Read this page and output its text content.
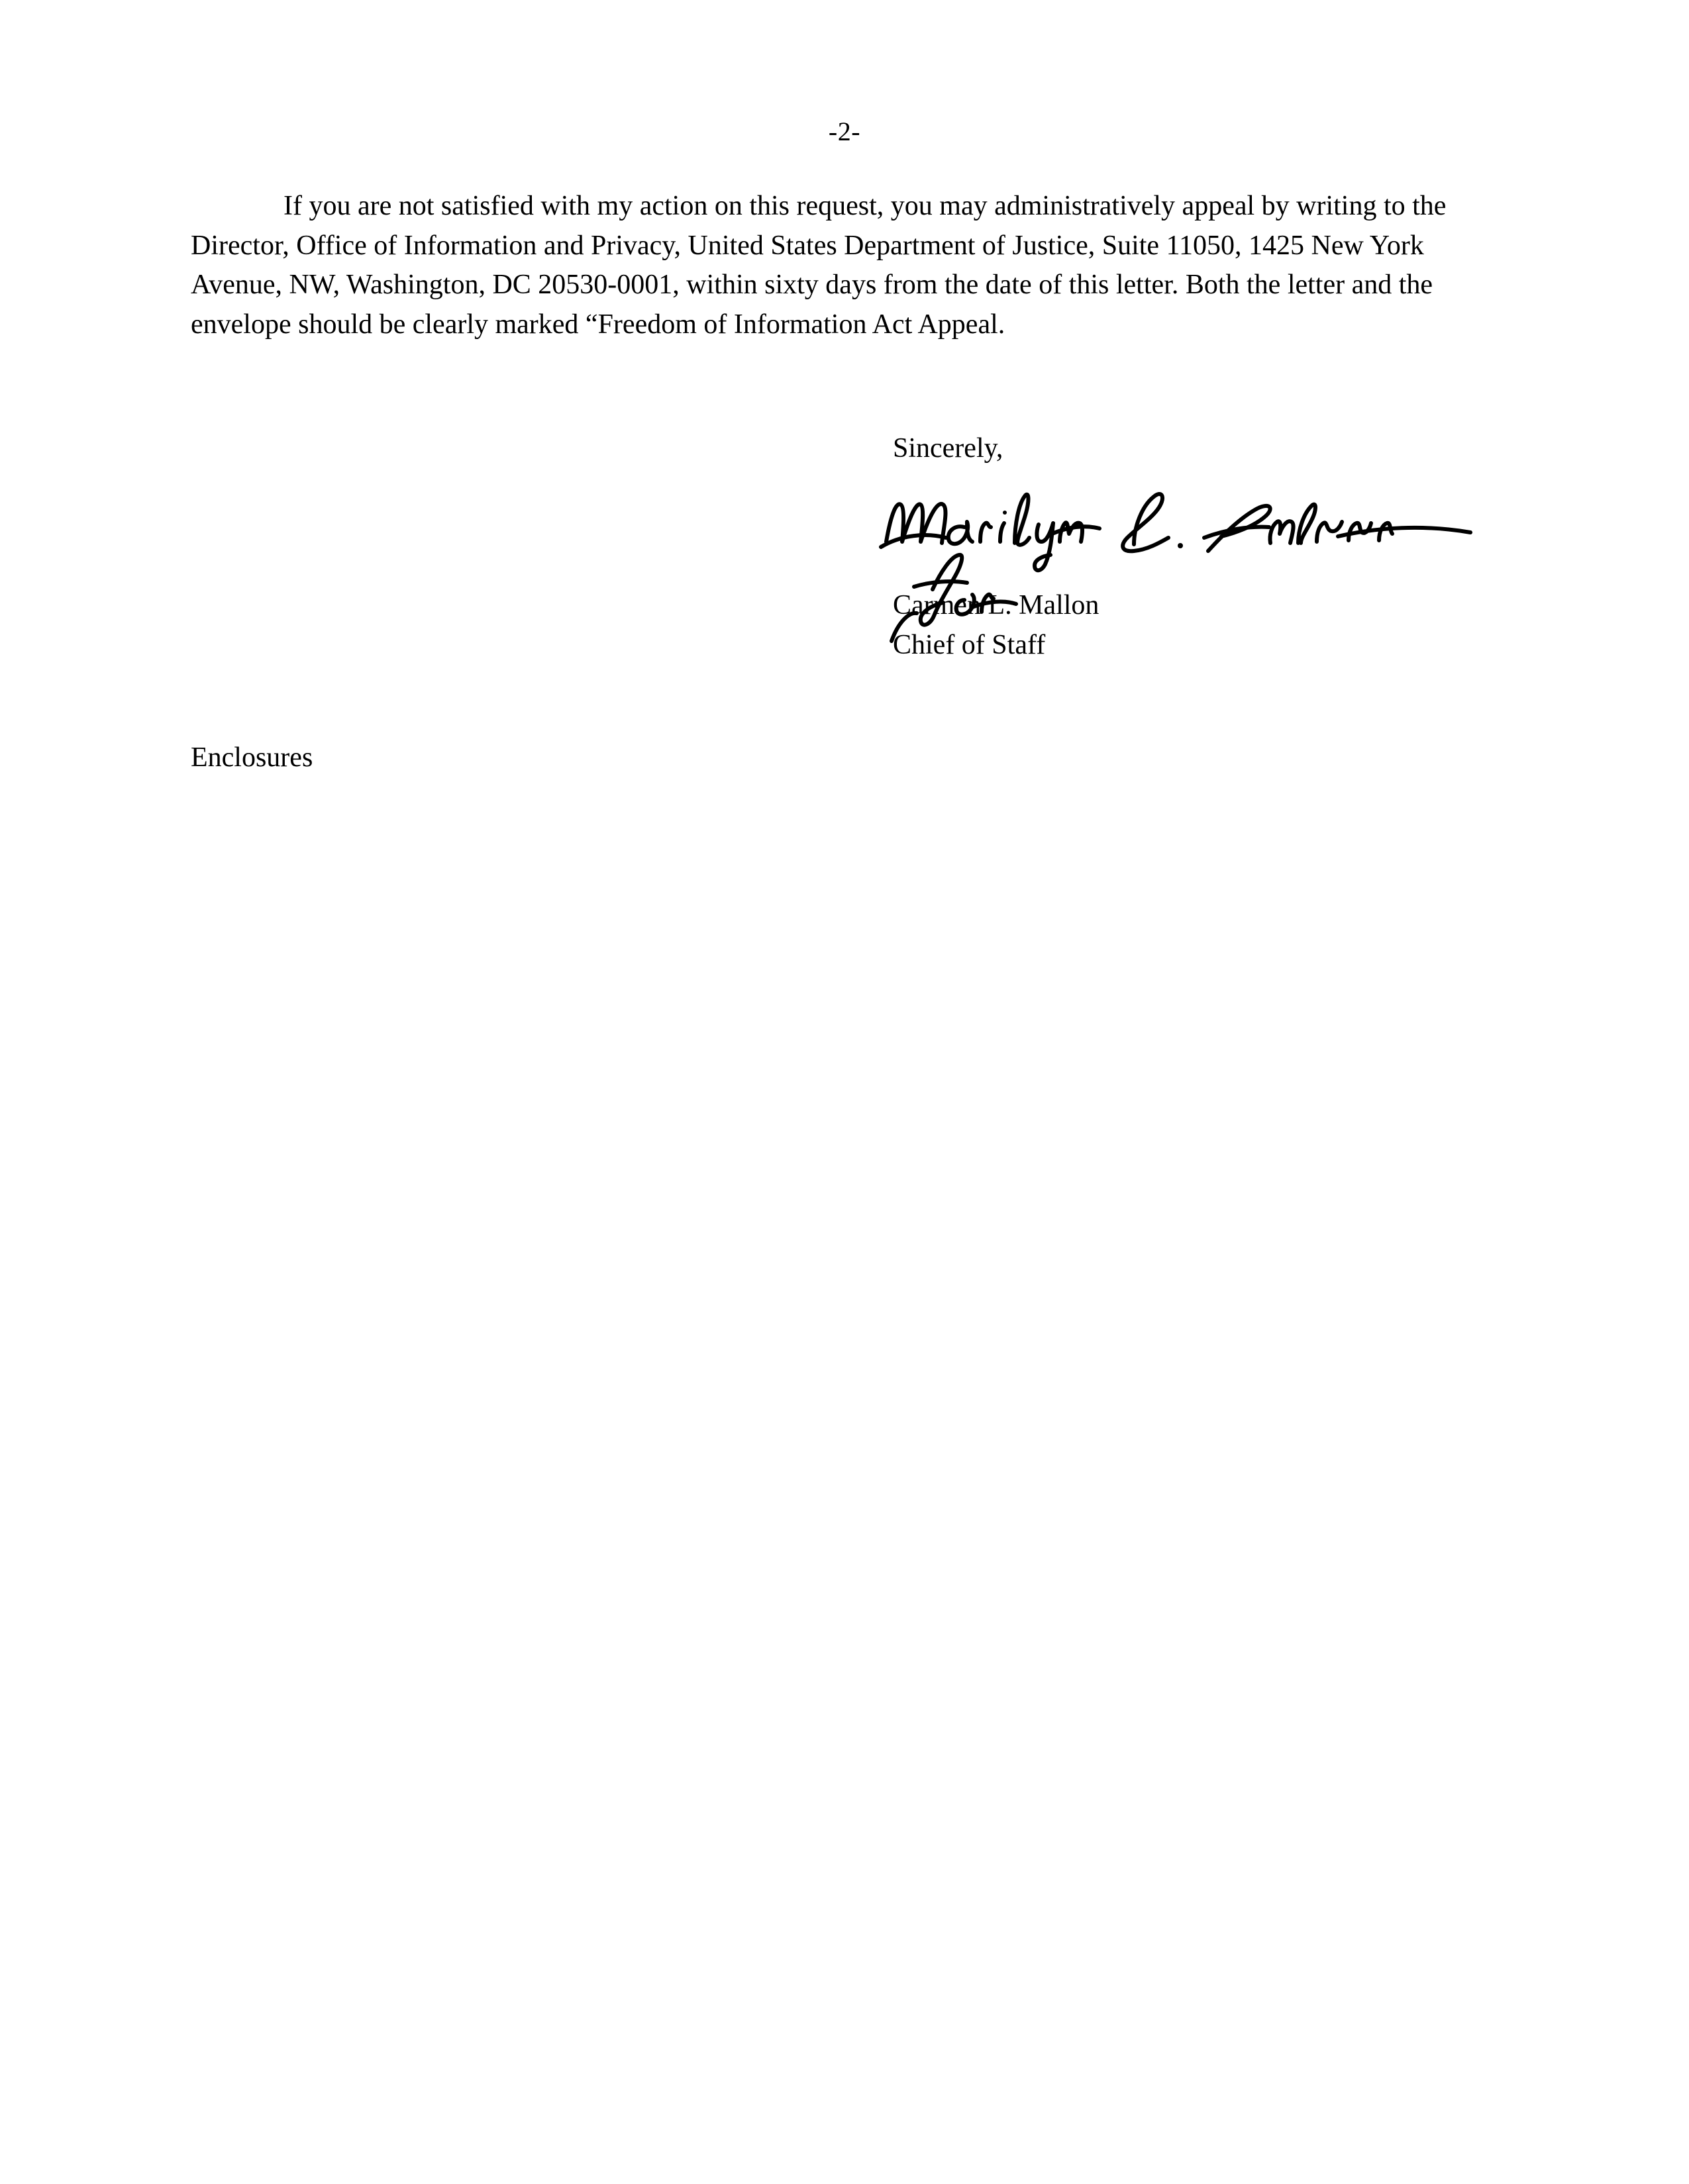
-2-

If you are not satisfied with my action on this request, you may administratively appeal by writing to the Director, Office of Information and Privacy, United States Department of Justice, Suite 11050, 1425 New York Avenue, NW, Washington, DC 20530-0001, within sixty days from the date of this letter. Both the letter and the envelope should be clearly marked “Freedom of Information Act Appeal.

Sincerely,
Carmen L. Mallon
Chief of Staff
Enclosures
